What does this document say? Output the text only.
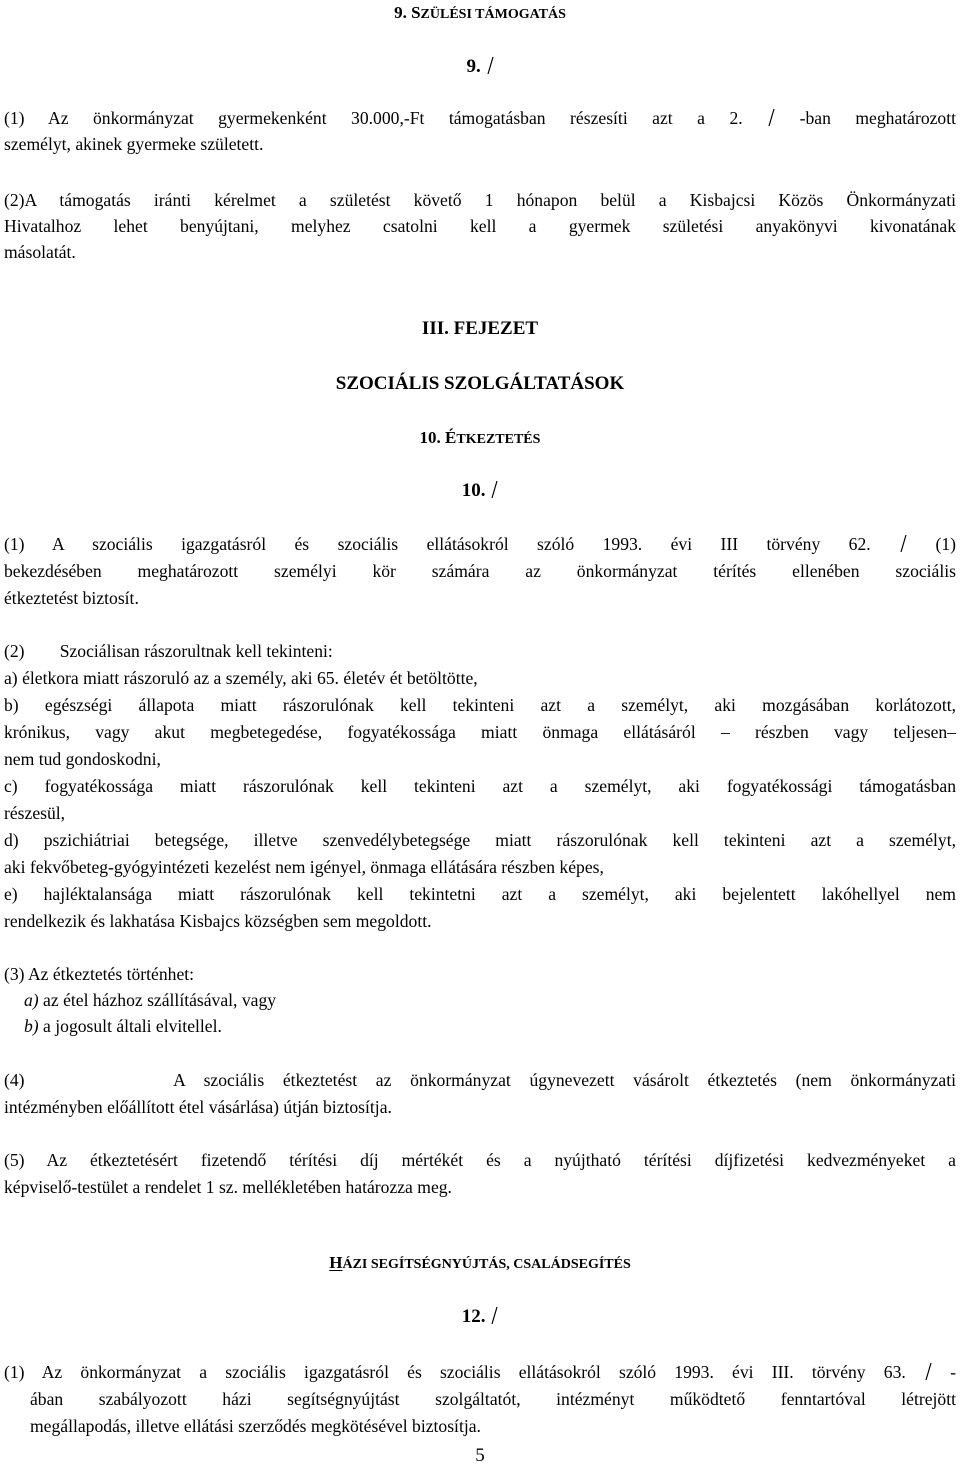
9. SZÜLÉSI TÁMOGATÁS
9.
(1) Az önkormányzat gyermekenként 30.000,-Ft támogatásban részesíti azt a 2.	-ban meghatározott
személyt, akinek gyermeke született.
(2)A támogatás iránti kérelmet a születést követő 1 hónapon belül a Kisbajcsi Közös Önkormányzati
Hivatalhoz lehet benyújtani, melyhez csatolni kell a gyermek születési anyakönyvi kivonatának
másolatát.
III. FEJEZET
SZOCIÁLIS SZOLGÁLTATÁSOK
10. ÉTKEZTETÉS
10.
(1) A szociális igazgatásról és szociális ellátásokról szóló 1993. évi III törvény 62.	(1)
bekezdésében meghatározott személyi kör számára az önkormányzat térítés ellenében szociális
étkeztetést biztosít.
(2)        Szociálisan rászorultnak kell tekinteni:
a) életkora miatt rászoruló az a személy, aki 65. életév ét betöltötte,
b) egészségi állapota miatt rászorulónak kell tekinteni azt a személyt, aki mozgásában korlátozott,
krónikus, vagy akut megbetegedése, fogyatékossága miatt önmaga ellátásáról – részben vagy teljesen–
nem tud gondoskodni,
c) fogyatékossága miatt rászorulónak kell tekinteni azt a személyt, aki fogyatékossági támogatásban
részesül,
d) pszichiátriai betegsége, illetve szenvedélybetegsége miatt rászorulónak kell tekinteni azt a személyt,
aki fekvőbeteg-gyógyintézeti kezelést nem igényel, önmaga ellátására részben képes,
e) hajléktalansága miatt rászorulónak kell tekintetni azt a személyt, aki bejelentett lakóhellyel nem
rendelkezik és lakhatása Kisbajcs községben sem megoldott.
(3) Az étkeztetés történhet:
a) az étel házhoz szállításával, vagy
b) a jogosult általi elvitellel.
(4)        A szociális étkeztetést az önkormányzat úgynevezett vásárolt étkeztetés (nem önkormányzati
intézményben előállított étel vásárlása) útján biztosítja.
(5) Az étkeztetésért fizetendő térítési díj mértékét és a nyújtható térítési díjfizetési kedvezményeket a
képviselő-testület a rendelet 1 sz. mellékletében határozza meg.
HÁZI SEGÍTSÉGNYÚJTÁS, CSALÁDSEGÍTÉS
12.
(1) Az önkormányzat a szociális igazgatásról és szociális ellátásokról szóló 1993. évi III. törvény 63.	-
ában szabályozott házi segítségnyújtást szolgáltatót, intézményt működtető fenntartóval létrejött
megállapodás, illetve ellátási szerződés megkötésével biztosítja.
5
